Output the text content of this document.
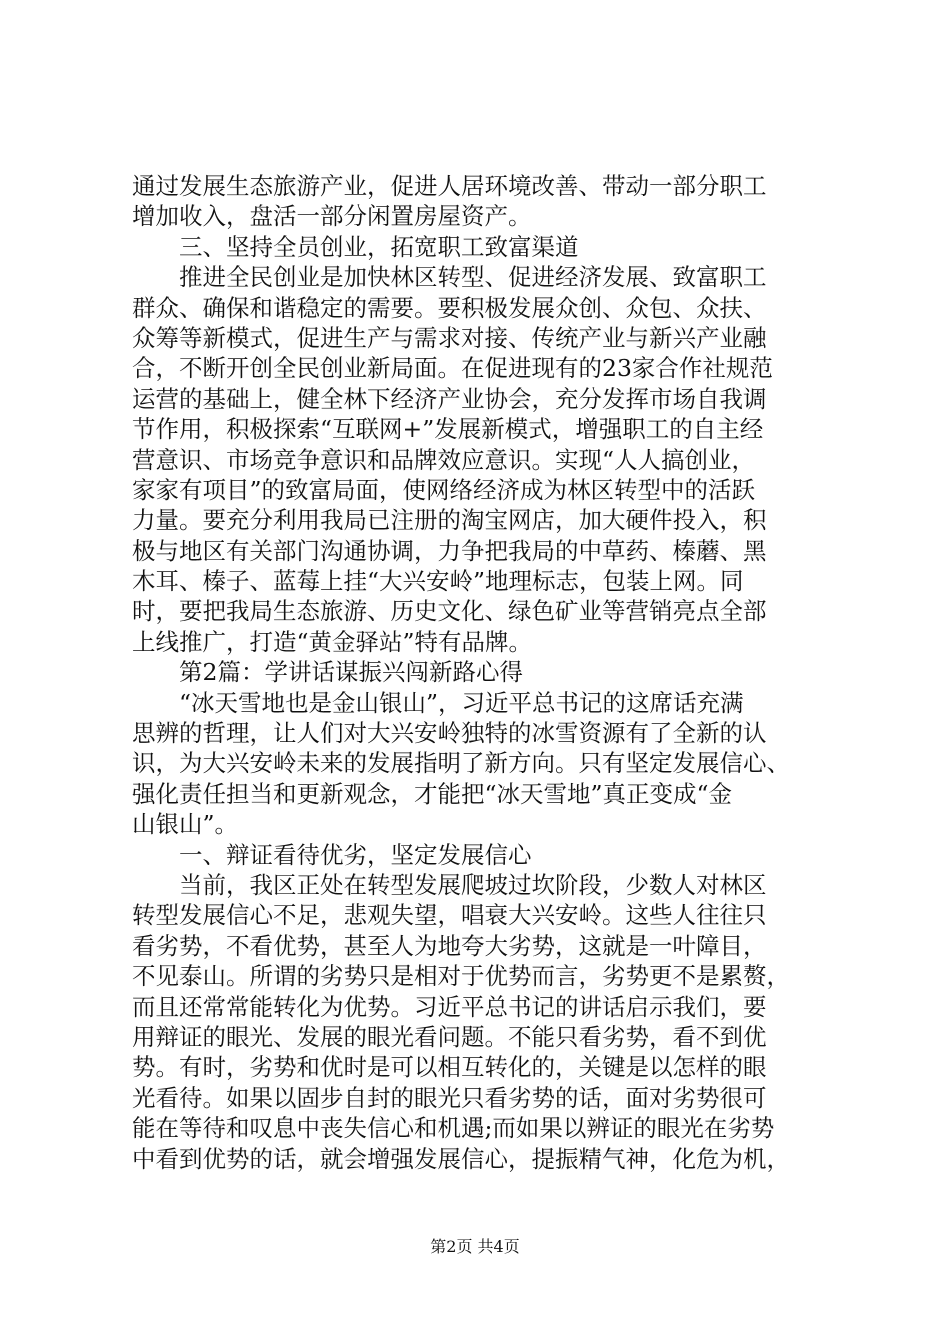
通过发展生态旅游产业，促进人居环境改善、带动一部分职工
增加收入，盘活一部分闲置房屋资产。
　　三、坚持全员创业，拓宽职工致富渠道
　　推进全民创业是加快林区转型、促进经济发展、致富职工
群众、确保和谐稳定的需要。要积极发展众创、众包、众扶、
众筹等新模式，促进生产与需求对接、传统产业与新兴产业融
合，不断开创全民创业新局面。在促进现有的23家合作社规范
运营的基础上，健全林下经济产业协会，充分发挥市场自我调
节作用，积极探索“互联网+”发展新模式，增强职工的自主经
营意识、市场竞争意识和品牌效应意识。实现“人人搞创业，
家家有项目”的致富局面，使网络经济成为林区转型中的活跃
力量。要充分利用我局已注册的淘宝网店，加大硬件投入，积
极与地区有关部门沟通协调，力争把我局的中草药、榛蘑、黑
木耳、榛子、蓝莓上挂“大兴安岭”地理标志，包装上网。同
时，要把我局生态旅游、历史文化、绿色矿业等营销亮点全部
上线推广，打造“黄金驿站”特有品牌。
　　第2篇：学讲话谋振兴闯新路心得
　　“冰天雪地也是金山银山”，习近平总书记的这席话充满
思辨的哲理，让人们对大兴安岭独特的冰雪资源有了全新的认
识，为大兴安岭未来的发展指明了新方向。只有坚定发展信心、
强化责任担当和更新观念，才能把“冰天雪地”真正变成“金
山银山”。
　　一、辩证看待优劣，坚定发展信心
　　当前，我区正处在转型发展爬坡过坎阶段，少数人对林区
转型发展信心不足，悲观失望，唱衰大兴安岭。这些人往往只
看劣势，不看优势，甚至人为地夸大劣势，这就是一叶障目，
不见泰山。所谓的劣势只是相对于优势而言，劣势更不是累赘，
而且还常常能转化为优势。习近平总书记的讲话启示我们，要
用辩证的眼光、发展的眼光看问题。不能只看劣势，看不到优
势。有时，劣势和优时是可以相互转化的，关键是以怎样的眼
光看待。如果以固步自封的眼光只看劣势的话，面对劣势很可
能在等待和叹息中丧失信心和机遇;而如果以辨证的眼光在劣势
中看到优势的话，就会增强发展信心，提振精气神，化危为机，
第2页 共4页
